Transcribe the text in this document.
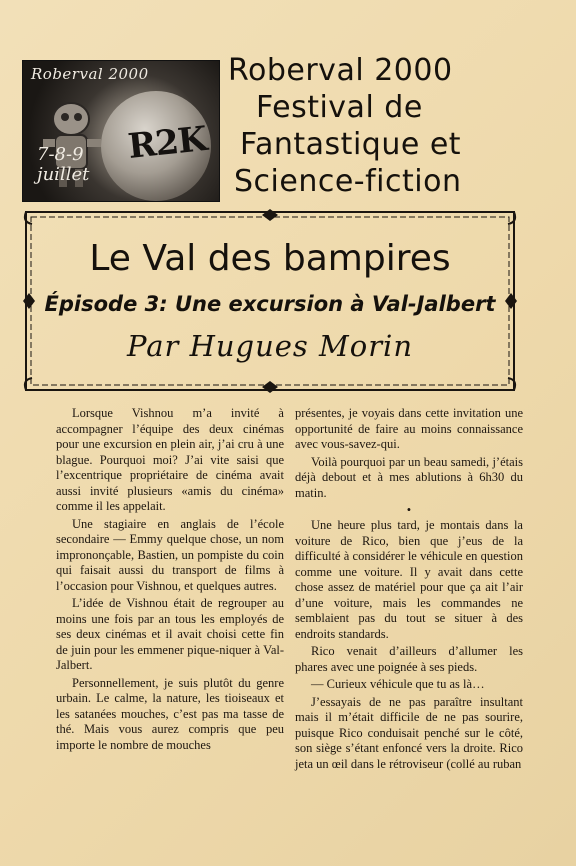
Roberval 2000
R2K
7-8-9
juillet
Roberval 2000
Festival de
Fantastique et
Science-fiction
Le Val des bampires
Épisode 3: Une excursion à Val-Jalbert
Par Hugues Morin

Lorsque Vishnou m’a invité à accompagner l’équipe des deux cinémas pour une excursion en plein air, j’ai cru à une blague. Pourquoi moi? J’ai vite saisi que l’excentrique propriétaire de cinéma avait aussi invité plusieurs «amis du cinéma» comme il les appelait.

Une stagiaire en anglais de l’école secondaire — Emmy quelque chose, un nom imprononçable, Bastien, un pompiste du coin qui faisait aussi du transport de films à l’occasion pour Vishnou, et quelques autres.

L’idée de Vishnou était de regrouper au moins une fois par an tous les employés de ses deux cinémas et il avait choisi cette fin de juin pour les emmener pique-niquer à Val-Jalbert.

Personnellement, je suis plutôt du genre urbain. Le calme, la nature, les tioiseaux et les satanées mouches, c’est pas ma tasse de thé. Mais vous aurez compris que peu importe le nombre de mouches

présentes, je voyais dans cette invitation une opportunité de faire au moins connaissance avec vous-savez-qui.

Voilà pourquoi par un beau samedi, j’étais déjà debout et à mes ablutions à 6h30 du matin.

•

Une heure plus tard, je montais dans la voiture de Rico, bien que j’eus de la difficulté à considérer le véhicule en question comme une voiture. Il y avait dans cette chose assez de matériel pour que ça ait l’air d’une voiture, mais les commandes ne semblaient pas du tout se situer à des endroits standards.

Rico venait d’ailleurs d’allumer les phares avec une poignée à ses pieds.

— Curieux véhicule que tu as là…

J’essayais de ne pas paraître insultant mais il m’était difficile de ne pas sourire, puisque Rico conduisait penché sur le côté, son siège s’étant enfoncé vers la droite. Rico jeta un œil dans le rétroviseur (collé au ruban
